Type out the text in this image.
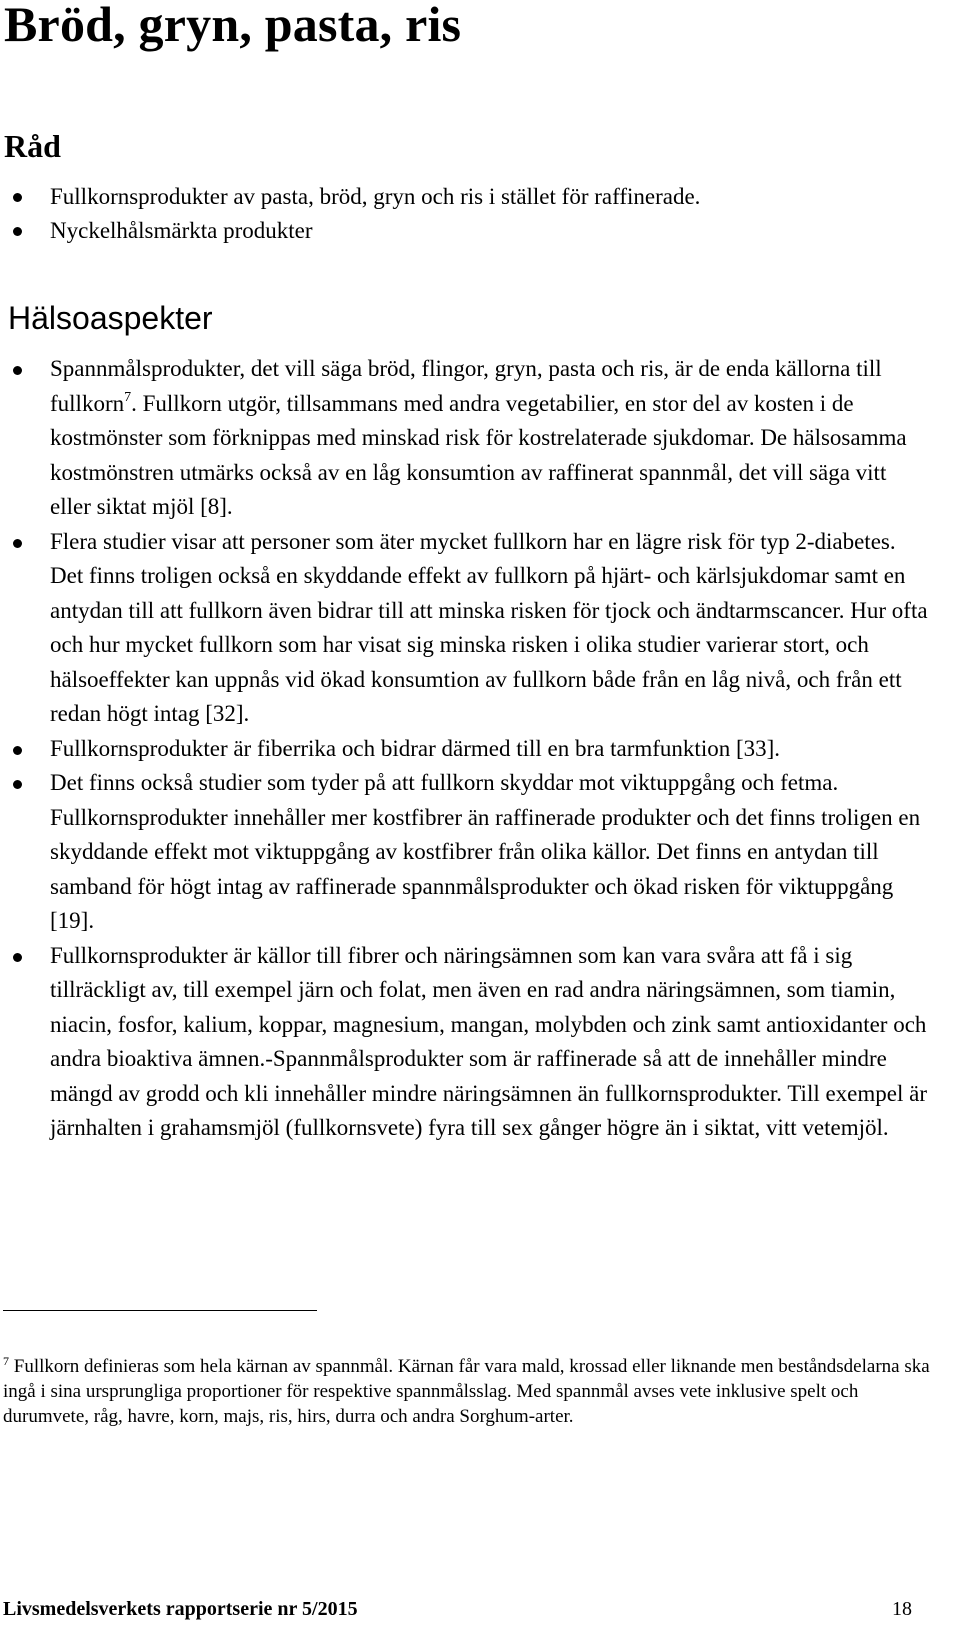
Bröd, gryn, pasta, ris
Råd
Fullkornsprodukter av pasta, bröd, gryn och ris i stället för raffinerade.
Nyckelhålsmärkta produkter
Hälsoaspekter
Spannmålsprodukter, det vill säga bröd, flingor, gryn, pasta och ris, är de enda källorna till fullkorn$^7$. Fullkorn utgör, tillsammans med andra vegetabilier, en stor del av kosten i de kostmönster som förknippas med minskad risk för kostrelaterade sjukdomar. De hälsosamma kostmönstren utmärks också av en låg konsumtion av raffinerat spannmål, det vill säga vitt eller siktat mjöl [8].
Flera studier visar att personer som äter mycket fullkorn har en lägre risk för typ 2-diabetes. Det finns troligen också en skyddande effekt av fullkorn på hjärt- och kärlsjukdomar samt en antydan till att fullkorn även bidrar till att minska risken för tjock och ändtarmscancer. Hur ofta och hur mycket fullkorn som har visat sig minska risken i olika studier varierar stort, och hälsoeffekter kan uppnås vid ökad konsumtion av fullkorn både från en låg nivå, och från ett redan högt intag [32].
Fullkornsprodukter är fiberrika och bidrar därmed till en bra tarmfunktion [33].
Det finns också studier som tyder på att fullkorn skyddar mot viktuppgång och fetma. Fullkornsprodukter innehåller mer kostfibrer än raffinerade produkter och det finns troligen en skyddande effekt mot viktuppgång av kostfibrer från olika källor. Det finns en antydan till samband för högt intag av raffinerade spannmålsprodukter och ökad risken för viktuppgång [19].
Fullkornsprodukter är källor till fibrer och näringsämnen som kan vara svåra att få i sig tillräckligt av, till exempel järn och folat, men även en rad andra näringsämnen, som tiamin, niacin, fosfor, kalium, koppar, magnesium, mangan, molybden och zink samt antioxidanter och andra bioaktiva ämnen.-Spannmålsprodukter som är raffinerade så att de innehåller mindre mängd av grodd och kli innehåller mindre näringsämnen än fullkornsprodukter. Till exempel är järnhalten i grahamsmjöl (fullkornsvete) fyra till sex gånger högre än i siktat, vitt vetemjöl.

$^7$ Fullkorn definieras som hela kärnan av spannmål. Kärnan får vara mald, krossad eller liknande men beståndsdelarna ska ingå i sina ursprungliga proportioner för respektive spannmålsslag. Med spannmål avses vete inklusive spelt och durumvete, råg, havre, korn, majs, ris, hirs, durra och andra Sorghum-arter.

Livsmedelsverkets rapportserie nr 5/2015	18
